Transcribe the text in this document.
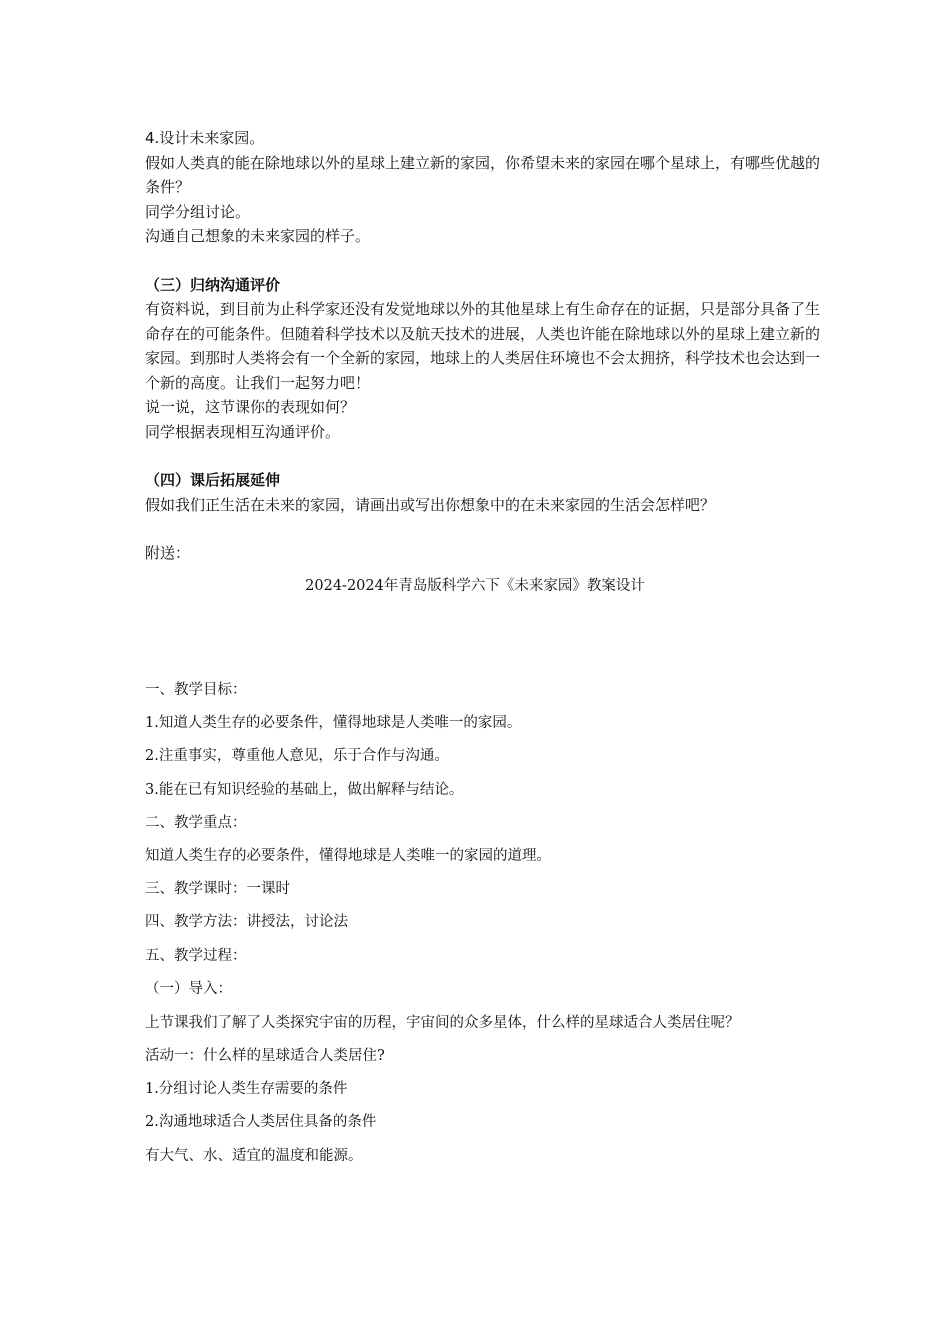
4.设计未来家园。

假如人类真的能在除地球以外的星球上建立新的家园，你希望未来的家园在哪个星球上，有哪些优越的条件？

同学分组讨论。

沟通自己想象的未来家园的样子。

（三）归纳沟通评价

有资料说，到目前为止科学家还没有发觉地球以外的其他星球上有生命存在的证据，只是部分具备了生命存在的可能条件。但随着科学技术以及航天技术的进展，人类也许能在除地球以外的星球上建立新的家园。到那时人类将会有一个全新的家园，地球上的人类居住环境也不会太拥挤，科学技术也会达到一个新的高度。让我们一起努力吧！

说一说，这节课你的表现如何？

同学根据表现相互沟通评价。

（四）课后拓展延伸

假如我们正生活在未来的家园，请画出或写出你想象中的在未来家园的生活会怎样吧？

附送：

2024-2024年青岛版科学六下《未来家园》教案设计

一、教学目标：

1.知道人类生存的必要条件，懂得地球是人类唯一的家园。

2.注重事实，尊重他人意见，乐于合作与沟通。

3.能在已有知识经验的基础上，做出解释与结论。

二、教学重点：

知道人类生存的必要条件，懂得地球是人类唯一的家园的道理。

三、教学课时：一课时

四、教学方法：讲授法，讨论法

五、教学过程：

（一）导入：

上节课我们了解了人类探究宇宙的历程，宇宙间的众多星体，什么样的星球适合人类居住呢？

活动一：什么样的星球适合人类居住?

1.分组讨论人类生存需要的条件

2.沟通地球适合人类居住具备的条件

有大气、水、适宜的温度和能源。
